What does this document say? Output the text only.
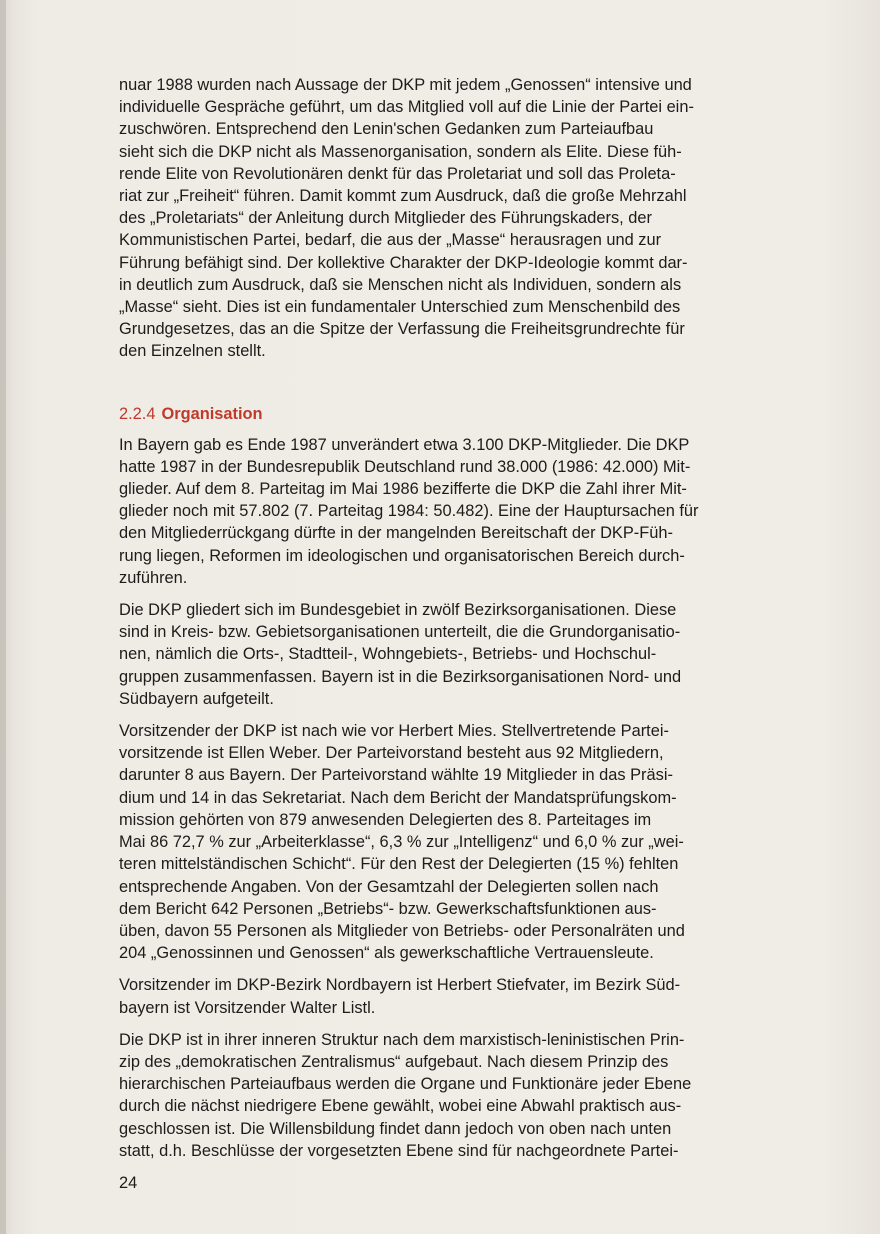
nuar 1988 wurden nach Aussage der DKP mit jedem „Genossen“ intensive und
individuelle Gespräche geführt, um das Mitglied voll auf die Linie der Partei ein-
zuschwören. Entsprechend den Lenin'schen Gedanken zum Parteiaufbau
sieht sich die DKP nicht als Massenorganisation, sondern als Elite. Diese füh-
rende Elite von Revolutionären denkt für das Proletariat und soll das Proleta-
riat zur „Freiheit“ führen. Damit kommt zum Ausdruck, daß die große Mehrzahl
des „Proletariats“ der Anleitung durch Mitglieder des Führungskaders, der
Kommunistischen Partei, bedarf, die aus der „Masse“ herausragen und zur
Führung befähigt sind. Der kollektive Charakter der DKP-Ideologie kommt dar-
in deutlich zum Ausdruck, daß sie Menschen nicht als Individuen, sondern als
„Masse“ sieht. Dies ist ein fundamentaler Unterschied zum Menschenbild des
Grundgesetzes, das an die Spitze der Verfassung die Freiheitsgrundrechte für
den Einzelnen stellt.
2.2.4 Organisation
In Bayern gab es Ende 1987 unverändert etwa 3.100 DKP-Mitglieder. Die DKP
hatte 1987 in der Bundesrepublik Deutschland rund 38.000 (1986: 42.000) Mit-
glieder. Auf dem 8. Parteitag im Mai 1986 bezifferte die DKP die Zahl ihrer Mit-
glieder noch mit 57.802 (7. Parteitag 1984: 50.482). Eine der Hauptursachen für
den Mitgliederrückgang dürfte in der mangelnden Bereitschaft der DKP-Füh-
rung liegen, Reformen im ideologischen und organisatorischen Bereich durch-
zuführen.
Die DKP gliedert sich im Bundesgebiet in zwölf Bezirksorganisationen. Diese
sind in Kreis- bzw. Gebietsorganisationen unterteilt, die die Grundorganisatio-
nen, nämlich die Orts-, Stadtteil-, Wohngebiets-, Betriebs- und Hochschul-
gruppen zusammenfassen. Bayern ist in die Bezirksorganisationen Nord- und
Südbayern aufgeteilt.
Vorsitzender der DKP ist nach wie vor Herbert Mies. Stellvertretende Partei-
vorsitzende ist Ellen Weber. Der Parteivorstand besteht aus 92 Mitgliedern,
darunter 8 aus Bayern. Der Parteivorstand wählte 19 Mitglieder in das Präsi-
dium und 14 in das Sekretariat. Nach dem Bericht der Mandatsprüfungskom-
mission gehörten von 879 anwesenden Delegierten des 8. Parteitages im
Mai 86 72,7 % zur „Arbeiterklasse“, 6,3 % zur „Intelligenz“ und 6,0 % zur „wei-
teren mittelständischen Schicht“. Für den Rest der Delegierten (15 %) fehlten
entsprechende Angaben. Von der Gesamtzahl der Delegierten sollen nach
dem Bericht 642 Personen „Betriebs“- bzw. Gewerkschaftsfunktionen aus-
üben, davon 55 Personen als Mitglieder von Betriebs- oder Personalräten und
204 „Genossinnen und Genossen“ als gewerkschaftliche Vertrauensleute.
Vorsitzender im DKP-Bezirk Nordbayern ist Herbert Stiefvater, im Bezirk Süd-
bayern ist Vorsitzender Walter Listl.
Die DKP ist in ihrer inneren Struktur nach dem marxistisch-leninistischen Prin-
zip des „demokratischen Zentralismus“ aufgebaut. Nach diesem Prinzip des
hierarchischen Parteiaufbaus werden die Organe und Funktionäre jeder Ebene
durch die nächst niedrigere Ebene gewählt, wobei eine Abwahl praktisch aus-
geschlossen ist. Die Willensbildung findet dann jedoch von oben nach unten
statt, d.h. Beschlüsse der vorgesetzten Ebene sind für nachgeordnete Partei-
24
